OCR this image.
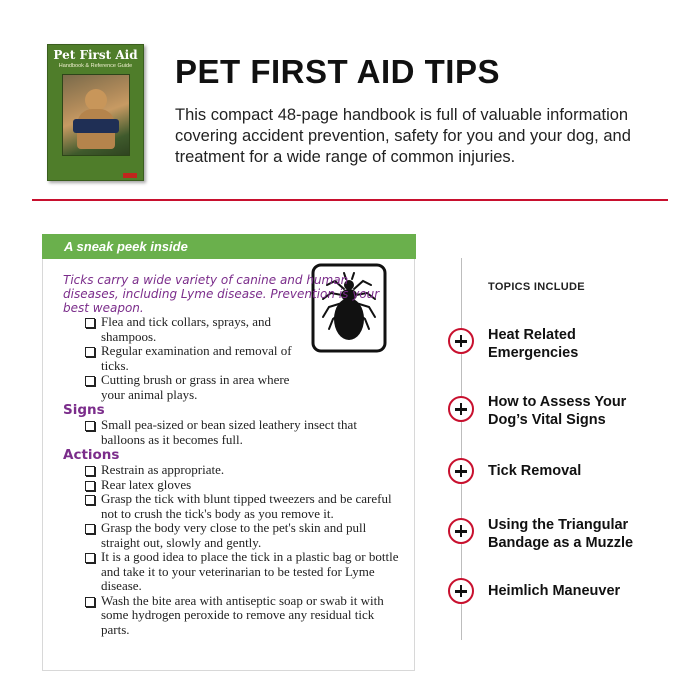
Pet First Aid
Handbook & Reference Guide	PET FIRST AID TIPS

This compact 48-page handbook is full of valuable information covering accident prevention, safety for you and your dog, and treatment for a wide range of common injuries.

A sneak peek inside

Ticks carry a wide variety of canine and human diseases, including Lyme disease. Prevention is your best weapon.

Flea and tick collars, sprays, and shampoos.
Regular examination and removal of ticks.
Cutting brush or grass in area where your animal plays.
Signs
Small pea-sized or bean sized leathery insect that balloons as it becomes full.
Actions
Restrain as appropriate.
Rear latex gloves
Grasp the tick with blunt tipped tweezers and be careful not to crush the tick's body as you remove it.
Grasp the body very close to the pet's skin and pull straight out, slowly and gently.
It is a good idea to place the tick in a plastic bag or bottle and take it to your veterinarian to be tested for Lyme disease.
Wash the bite area with antiseptic soap or swab it with some hydrogen peroxide to remove any residual tick parts.
TOPICS INCLUDE
Heat Related Emergencies
How to Assess Your Dog’s Vital Signs
Tick Removal
Using the Triangular Bandage as a Muzzle
Heimlich Maneuver
